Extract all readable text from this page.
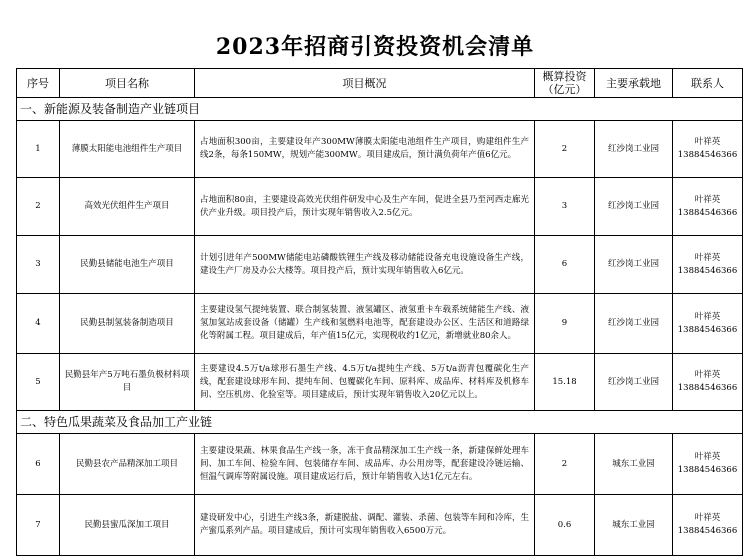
2023年招商引资投资机会清单
序号	项目名称	项目概况	概算投资（亿元）	主要承载地	联系人
一、新能源及装备制造产业链项目					
1	薄膜太阳能电池组件生产项目	占地面积300亩，主要建设年产300MW薄膜太阳能电池组件生产项目，购建组件生产线2条，每条150MW，规划产能300MW。项目建成后，预计满负荷年产值6亿元。	2	红沙岗工业园	叶祥英
13884546366

2	高效光伏组件生产项目	占地面积80亩，主要建设高效光伏组件研发中心及生产车间，促进全县乃至河西走廊光伏产业升级。项目投产后，预计实现年销售收入2.5亿元。	3	红沙岗工业园	叶祥英
13884546366

3	民勤县储能电池生产项目	计划引进年产500MW储能电站磷酸铁锂生产线及移动储能设备充电设施设备生产线，建设生产厂房及办公大楼等。项目投产后，预计实现年销售收入6亿元。	6	红沙岗工业园	叶祥英
13884546366

4	民勤县制氢装备制造项目	主要建设氢气提纯装置、联合制氢装置、液氢罐区、液氢重卡车载系统储能生产线、液氢加氢站成套设备（储罐）生产线和氢燃料电池等，配套建设办公区、生活区和道路绿化等附属工程。项目建成后，年产值15亿元，实现税收约1亿元，新增就业80余人。	9	红沙岗工业园	叶祥英
13884546366

5	民勤县年产5万吨石墨负极材料项目	主要建设4.5万t/a球形石墨生产线、4.5万t/a提纯生产线、5万t/a沥青包覆碳化生产线，配套建设球形车间、提纯车间、包覆碳化车间、原料库、成品库、材料库及机修车间、空压机房、化验室等。项目建成后，预计实现年销售收入20亿元以上。	15.18	红沙岗工业园	叶祥英
13884546366

二、特色瓜果蔬菜及食品加工产业链					
6	民勤县农产品精深加工项目	主要建设果蔬、林果食品生产线一条，冻干食品精深加工生产线一条，新建保鲜处理车间、加工车间、检验车间、包装储存车间、成品库、办公用房等，配套建设冷链运输、恒温气调库等附属设施。项目建成运行后，预计年销售收入达1亿元左右。	2	城东工业园	叶祥英
13884546366

7	民勤县蜜瓜深加工项目	建设研发中心，引进生产线3条，新建脱盐、调配、灌装、杀菌、包装等车间和冷库，生产蜜瓜系列产品。项目建成后，预计可实现年销售收入6500万元。	0.6	城东工业园	叶祥英
13884546366
